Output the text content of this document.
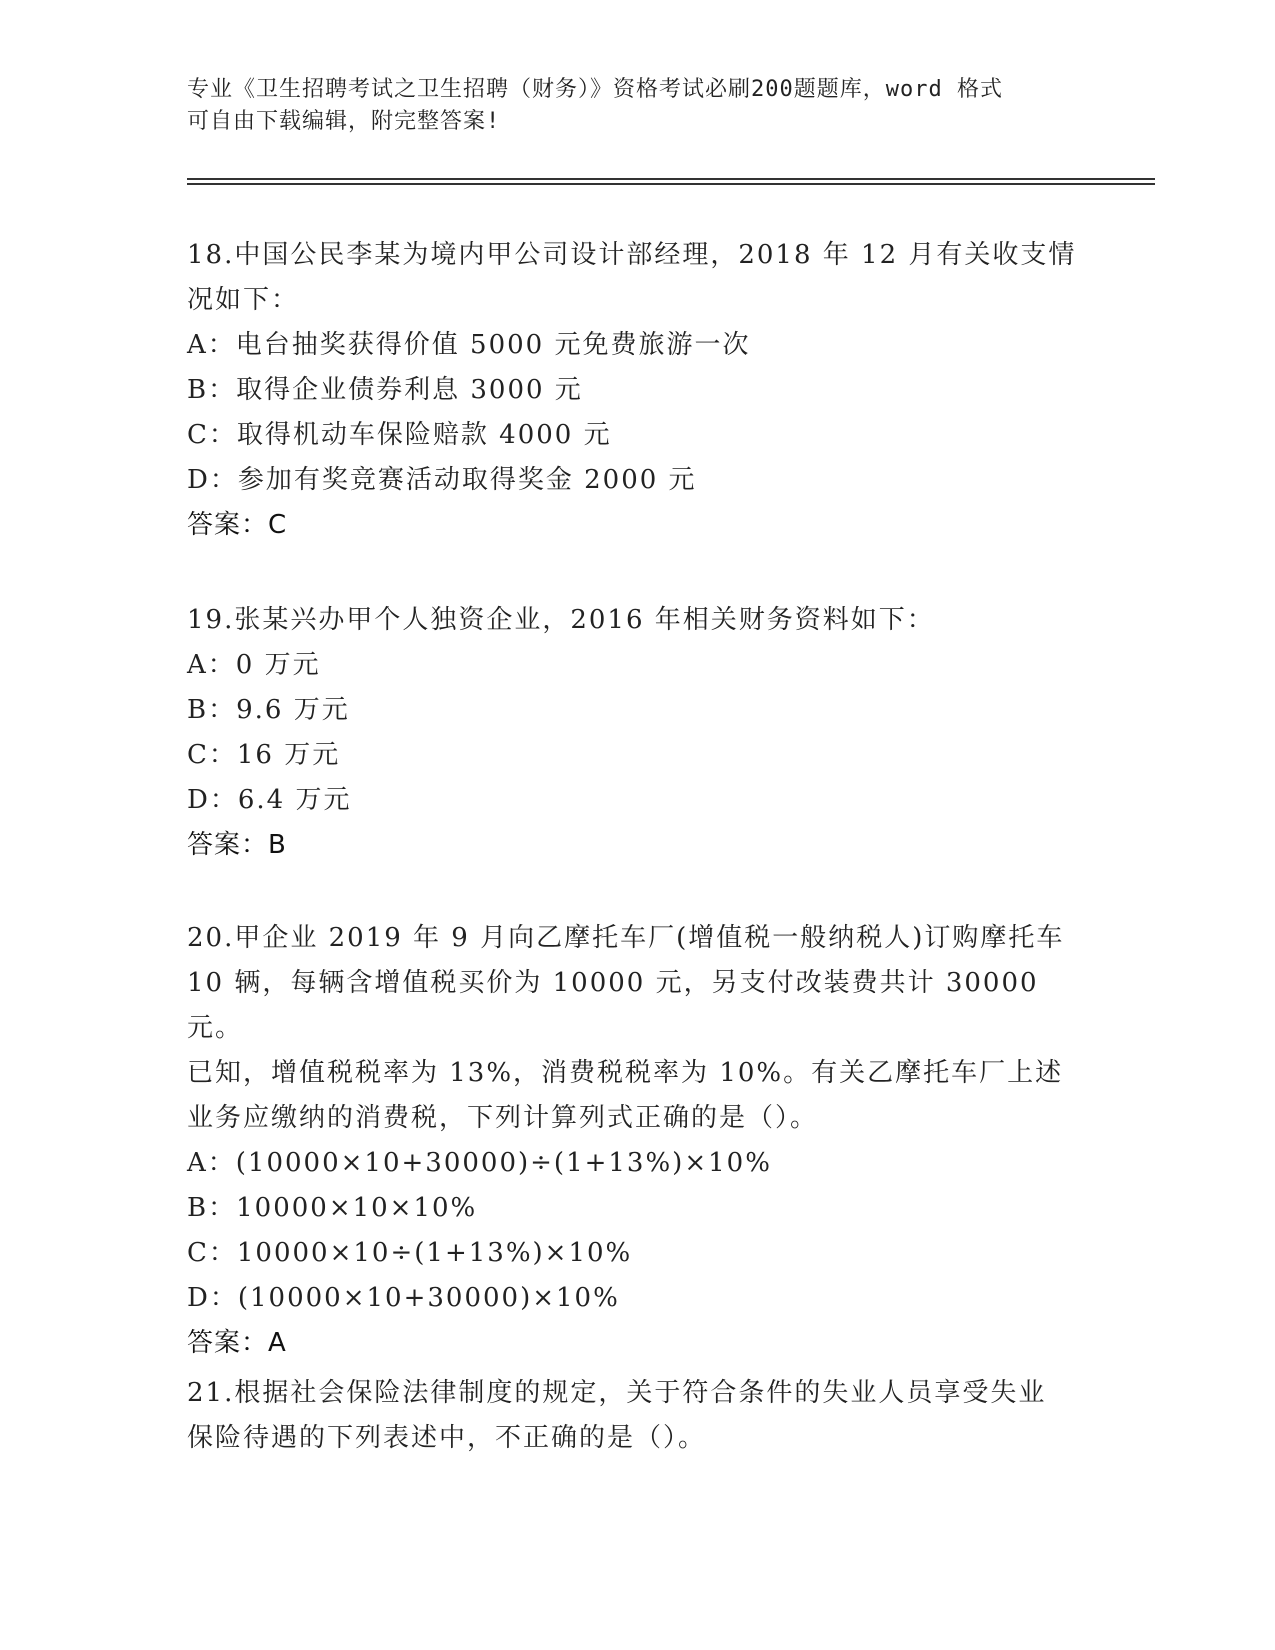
专业《卫生招聘考试之卫生招聘（财务）》资格考试必刷200题题库，word 格式
可自由下载编辑，附完整答案!
18.中国公民李某为境内甲公司设计部经理，2018 年 12 月有关收支情
况如下：
A：电台抽奖获得价值 5000 元免费旅游一次
B：取得企业债券利息 3000 元
C：取得机动车保险赔款 4000 元
D：参加有奖竞赛活动取得奖金 2000 元
答案：C
19.张某兴办甲个人独资企业，2016 年相关财务资料如下：
A：0 万元
B：9.6 万元
C：16 万元
D：6.4 万元
答案：B
20.甲企业 2019 年 9 月向乙摩托车厂(增值税一般纳税人)订购摩托车
10 辆，每辆含增值税买价为 10000 元，另支付改装费共计 30000 元。
已知，增值税税率为 13%，消费税税率为 10%。有关乙摩托车厂上述
业务应缴纳的消费税，下列计算列式正确的是（）。
A：(10000×10+30000)÷(1+13%)×10%
B：10000×10×10%
C：10000×10÷(1+13%)×10%
D：(10000×10+30000)×10%
答案：A
21.根据社会保险法律制度的规定，关于符合条件的失业人员享受失业
保险待遇的下列表述中，不正确的是（）。
